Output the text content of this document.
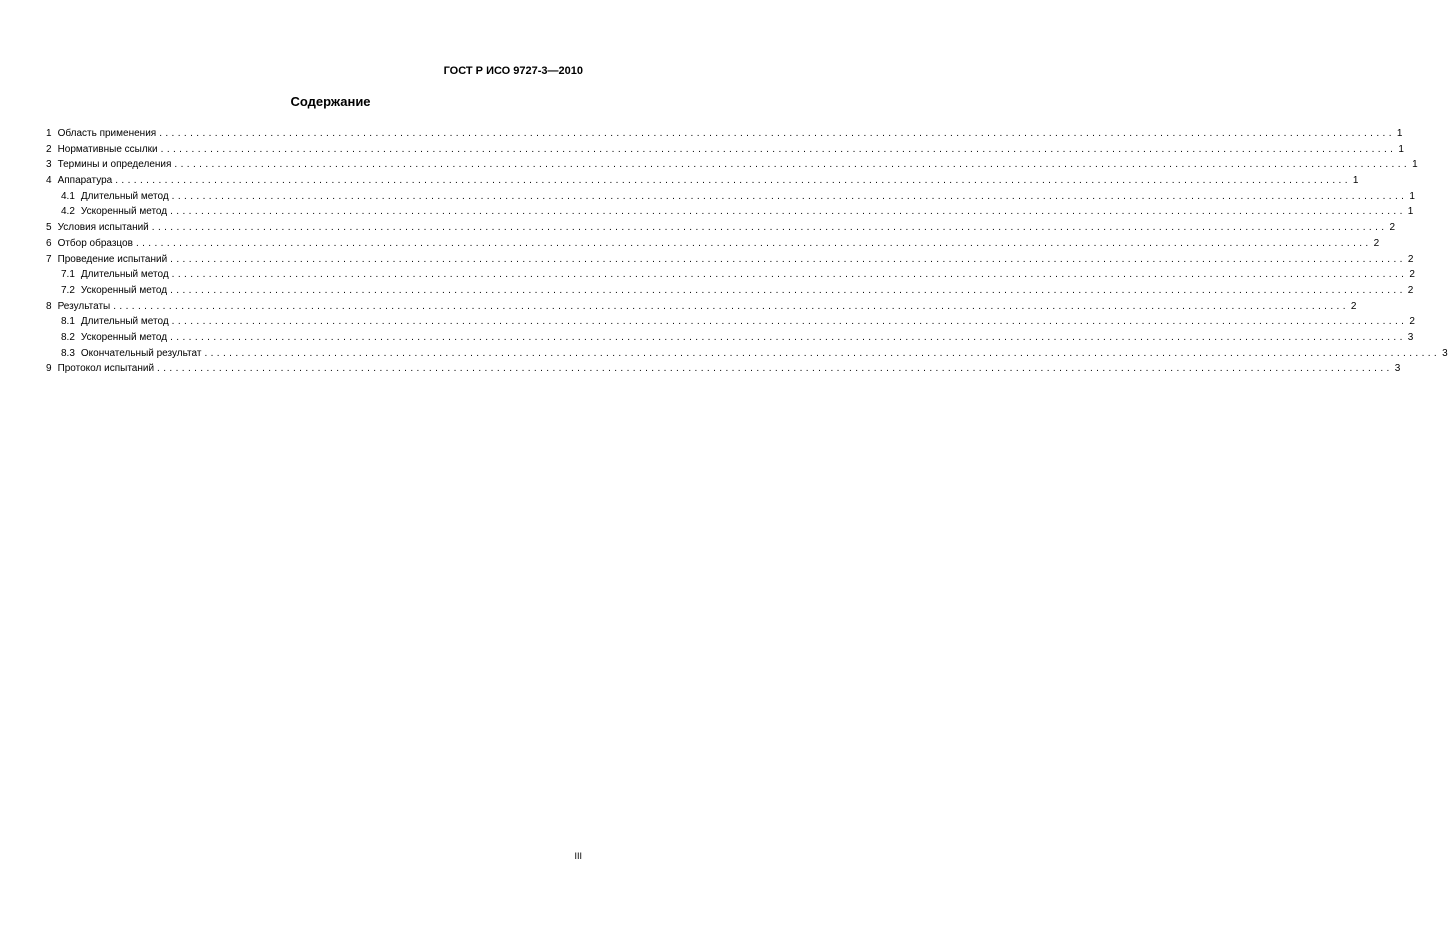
ГОСТ Р ИСО 9727-3—2010
Содержание
1 Область применения ........................................................................................................................................................................................................ 1
2 Нормативные ссылки ........................................................................................................................................................................................................ 1
3 Термины и определения ........................................................................................................................................................................................................ 1
4 Аппаратура ........................................................................................................................................................................................................ 1
4.1 Длительный метод ........................................................................................................................................................................................................ 1
4.2 Ускоренный метод ........................................................................................................................................................................................................ 1
5 Условия испытаний ........................................................................................................................................................................................................ 2
6 Отбор образцов ........................................................................................................................................................................................................ 2
7 Проведение испытаний ........................................................................................................................................................................................................ 2
7.1 Длительный метод ........................................................................................................................................................................................................ 2
7.2 Ускоренный метод ........................................................................................................................................................................................................ 2
8 Результаты ........................................................................................................................................................................................................ 2
8.1 Длительный метод ........................................................................................................................................................................................................ 2
8.2 Ускоренный метод ........................................................................................................................................................................................................ 3
8.3 Окончательный результат ........................................................................................................................................................................................................ 3
9 Протокол испытаний ........................................................................................................................................................................................................ 3
III
